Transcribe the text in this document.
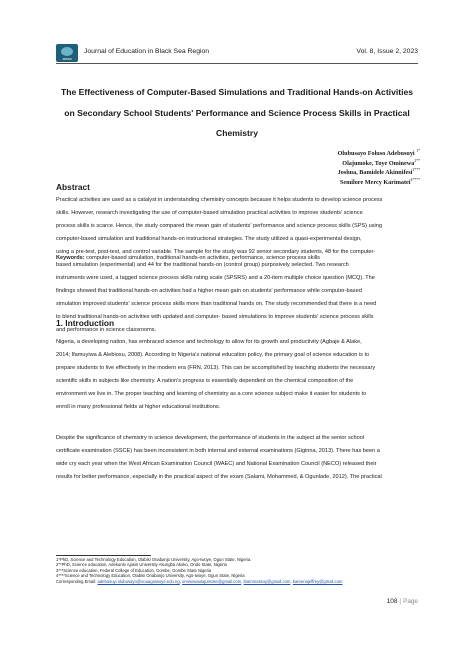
JEBSR
Journal of Education in Black Sea Region	Vol. 8, Issue 2, 2023
The Effectiveness of Computer-Based Simulations and Traditional Hands-on Activities
on Secondary School Students' Performance and Science Process Skills in Practical
Chemistry
Olubusayo Foluso Adebusuyi $^{1*}$
Olajumoke, Toye Ominewa$^{2**}$
Joshua, Bamidele Akinnifesi$^{3***}$
Semilore Mercy Karimatei$^{4****}$
Abstract
Practical activities are used as a catalyst in understanding chemistry concepts because it helps students to develop science process
skills. However, research investigating the use of computer-based simulation practical activities to improve students' science
process skills is scarce. Hence, the study compared the mean gain of students' performance and science process skills (SPS) using
computer-based simulation and traditional hands-on instructional strategies. The study utilized a quasi-experimental design,
using a pre-test, post-test, and control variable. The sample for the study was 92 senior secondary students, 48 for the computer-
based simulation (experimental) and 44 for the traditional hands-on (control group) purposively selected. Two research
instruments were used, a tagged science process skills rating scale (SPSRS) and a 20-item multiple choice question (MCQ). The
findings showed that traditional hands-on activities had a higher mean gain on students' performance while computer-based
simulation improved students' science process skills more than traditional hands on. The study recommended that there is a need
to blend traditional hands-on activities with updated and computer- based simulations to improve students' science process skills
and performance in science classrooms.
Keywords: computer-based simulation, traditional hands-on activities, performance, science process skills
1. Introduction
Nigeria, a developing nation, has embraced science and technology to allow for its growth and productivity (Agbaje & Alake,
2014; Ifamuyiwa & Alebiosu, 2008). According to Nigeria's national education policy, the primary goal of science education is to
prepare students to live effectively in the modern era (FRN, 2013). This can be accomplished by teaching students the necessary
scientific skills in subjects like chemistry. A nation's progress is essentially dependent on the chemical composition of the
environment we live in. The proper teaching and learning of chemistry as a core science subject make it easier for students to
enroll in many professional fields at higher educational institutions.
Despite the significance of chemistry in science development, the performance of students in the subject at the senior school
certificate examination (SSCE) has been inconsistent in both internal and external examinations (Giginna, 2013). There has been a
wide cry each year when the West African Examination Council (WAEC) and National Examination Council (NECO) released their
results for better performance, especially in the practical aspect of the exam (Salami, Mohammed, & Ogunlade, 2012). The practical
1*PhD, Science and Technology Education, Olabisi Onabanjo University, Ago-Iwoye, Ogun State, Nigeria.
2**PhD, Science education, Adekunle Ajasin University Akungba Akoko, Ondo State, Nigeria
3***Science education, Federal College of Education, Gombe, Gombe State Nigeria
4****Science and Technology Education, Olabisi Onabanjo University, Ago-Iwoye, Ogun State, Nigeria
Corresponding Email: adebusuyi.olubusayo@oouagoiwoye.edu.ng, ominewaolajumoke@gmail.com, ibammossuy@gmail.com, kareenajeffrey@gmail.com
108 | Page
